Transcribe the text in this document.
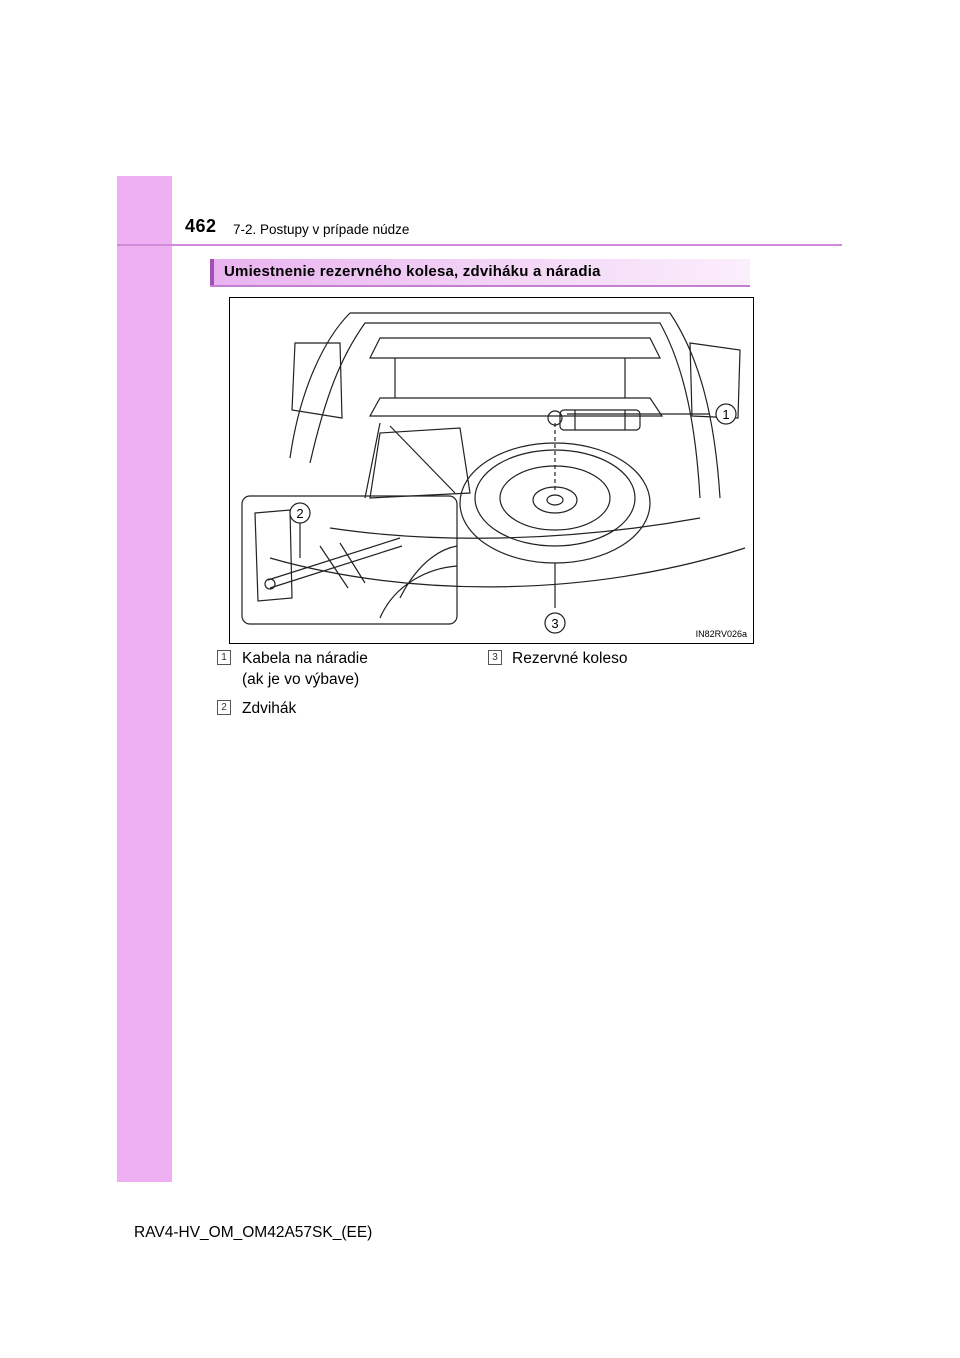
462 7-2. Postupy v prípade núdze
Umiestnenie rezervného kolesa, zdviháku a náradia
1
2
3
IN82RV026a
1 Kabela na náradie
(ak je vo výbave)
2 Zdvihák
3 Rezervné koleso
RAV4-HV_OM_OM42A57SK_(EE)
